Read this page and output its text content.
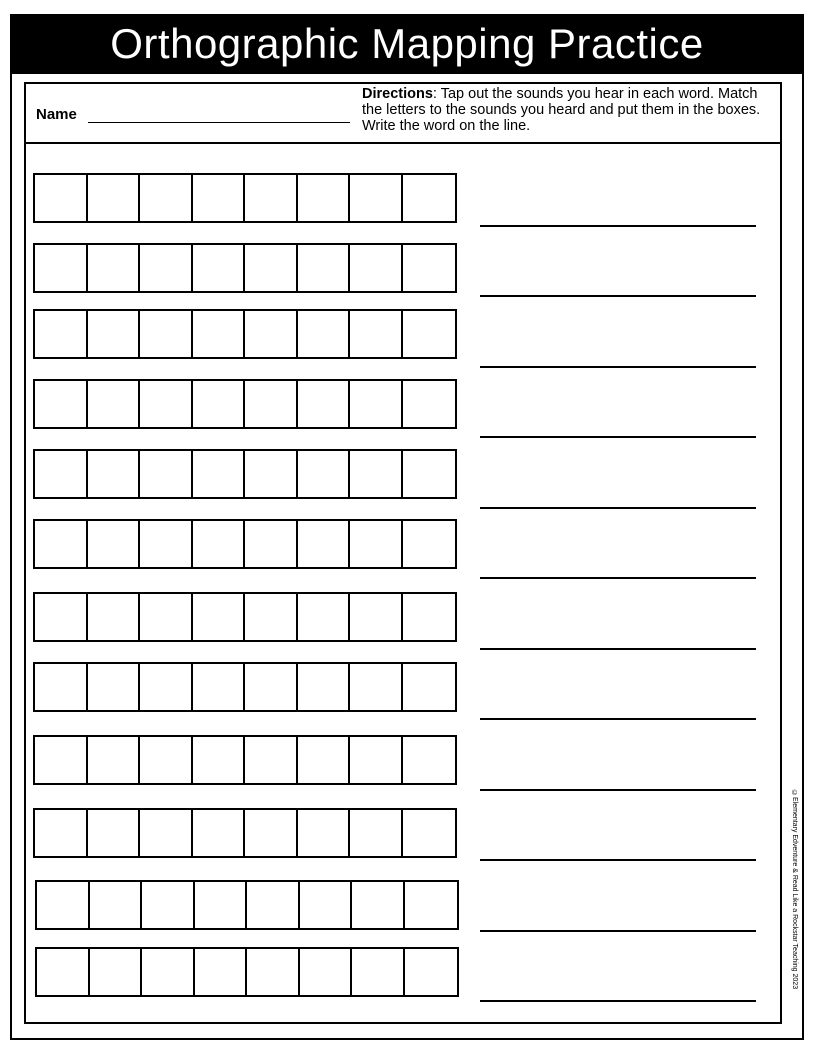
Orthographic Mapping Practice
Name
Directions: Tap out the sounds you hear in each word. Match the letters to the sounds you heard and put them in the boxes. Write the word on the line.
©Elementary Edventure & Read Like a Rockstar Teaching 2023
